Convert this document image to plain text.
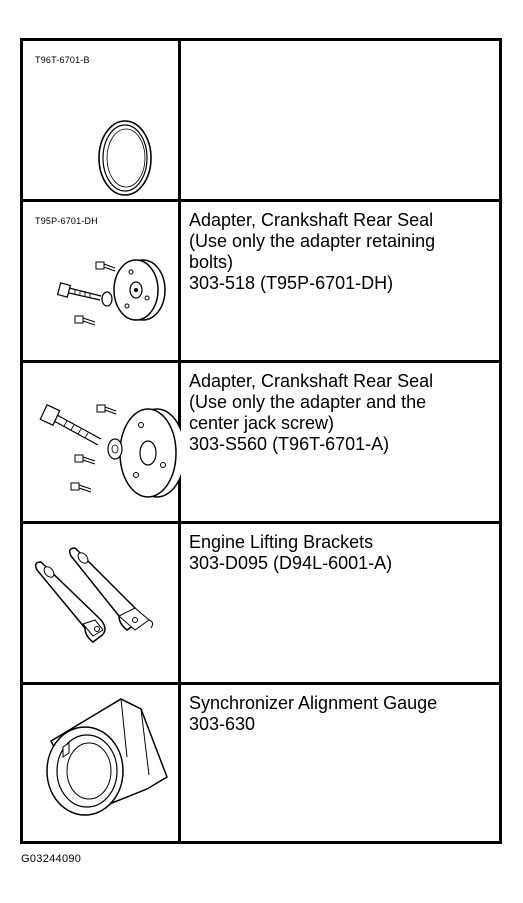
T96T-6701-B
T95P-6701-DH	Adapter, Crankshaft Rear Seal
(Use only the adapter retaining
bolts)
303-518 (T95P-6701-DH)
Adapter, Crankshaft Rear Seal
(Use only the adapter and the
center jack screw)
303-S560 (T96T-6701-A)
Engine Lifting Brackets
303-D095 (D94L-6001-A)
Synchronizer Alignment Gauge
303-630
G03244090
